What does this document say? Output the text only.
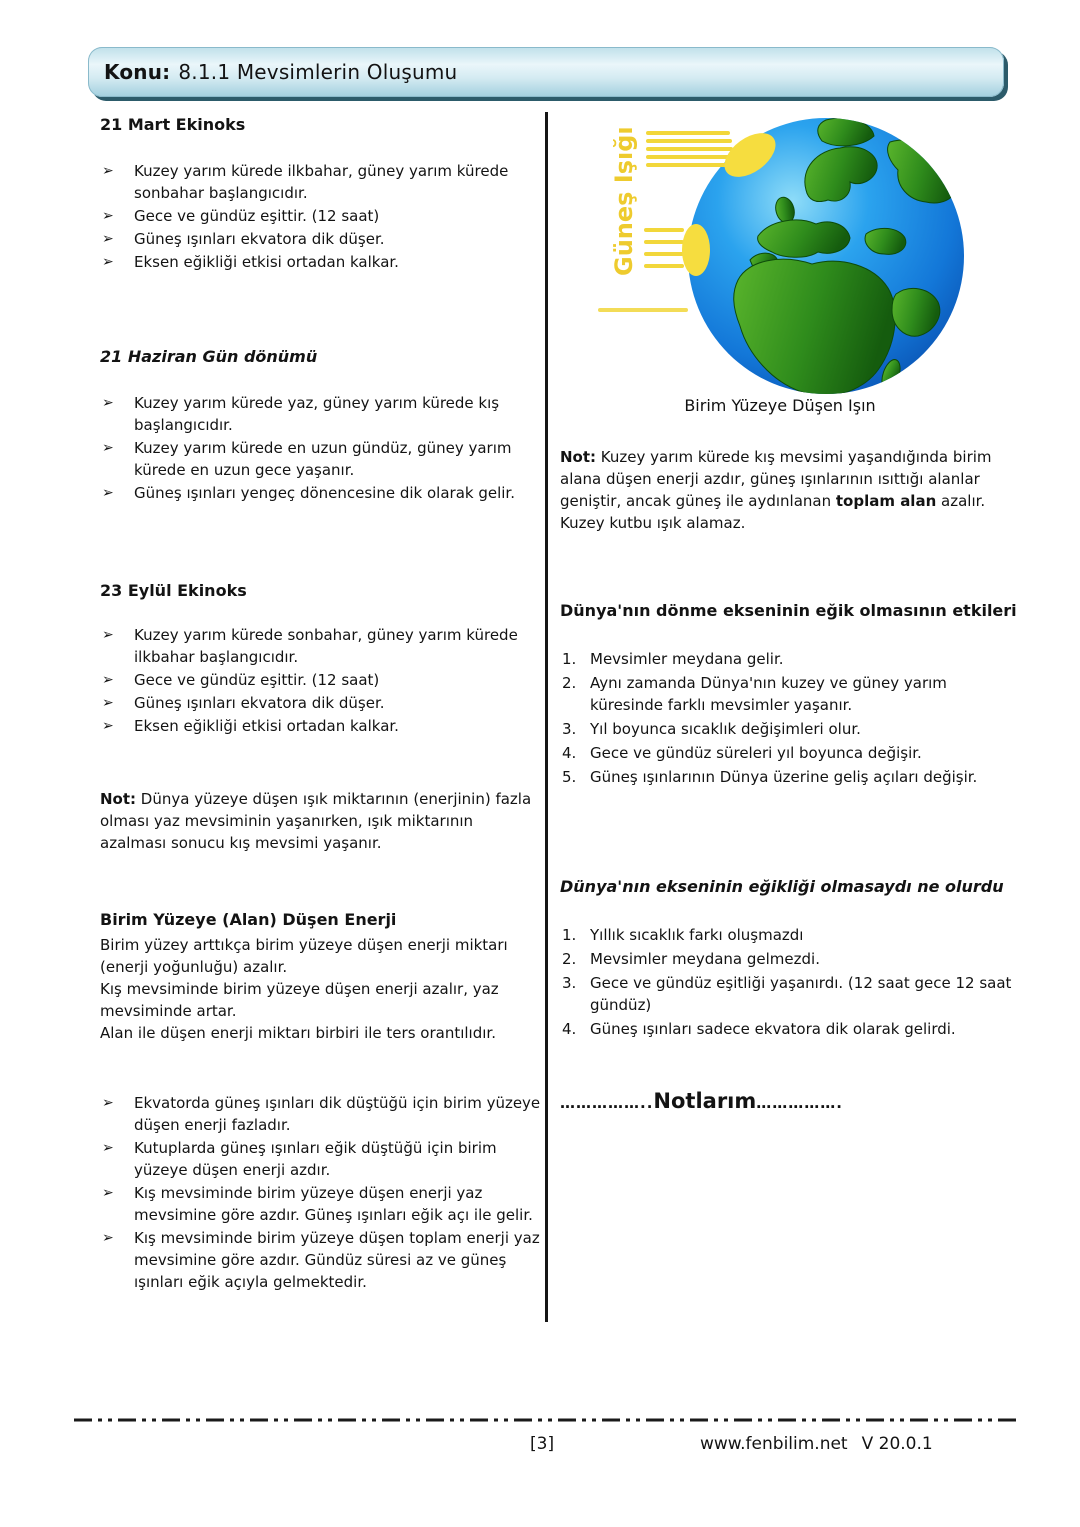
Konu: 8.1.1 Mevsimlerin Oluşumu
21 Mart Ekinoks
➢ Kuzey yarım kürede ilkbahar, güney yarım kürede sonbahar başlangıcıdır.
➢ Gece ve gündüz eşittir. (12 saat)
➢ Güneş ışınları ekvatora dik düşer.
➢ Eksen eğikliği etkisi ortadan kalkar.
21 Haziran Gün dönümü
➢ Kuzey yarım kürede yaz, güney yarım kürede kış başlangıcıdır.
➢ Kuzey yarım kürede en uzun gündüz, güney yarım kürede en uzun gece yaşanır.
➢ Güneş ışınları yengeç dönencesine dik olarak gelir.
23 Eylül Ekinoks
➢ Kuzey yarım kürede sonbahar, güney yarım kürede ilkbahar başlangıcıdır.
➢ Gece ve gündüz eşittir. (12 saat)
➢ Güneş ışınları ekvatora dik düşer.
➢ Eksen eğikliği etkisi ortadan kalkar.
Not: Dünya yüzeye düşen ışık miktarının (enerjinin) fazla olması yaz mevsiminin yaşanırken, ışık miktarının azalması sonucu kış mevsimi yaşanır.
Birim Yüzeye (Alan) Düşen Enerji
Birim yüzey arttıkça birim yüzeye düşen enerji miktarı (enerji yoğunluğu) azalır.
Kış mevsiminde birim yüzeye düşen enerji azalır, yaz mevsiminde artar.
Alan ile düşen enerji miktarı birbiri ile ters orantılıdır.
➢ Ekvatorda güneş ışınları dik düştüğü için birim yüzeye düşen enerji fazladır.
➢ Kutuplarda güneş ışınları eğik düştüğü için birim yüzeye düşen enerji azdır.
➢ Kış mevsiminde birim yüzeye düşen enerji yaz mevsimine göre azdır. Güneş ışınları eğik açı ile gelir.
➢ Kış mevsiminde birim yüzeye düşen toplam enerji yaz mevsimine göre azdır. Gündüz süresi az ve güneş ışınları eğik açıyla gelmektedir.
Güneş Işığı
Birim Yüzeye Düşen Işın
Not: Kuzey yarım kürede kış mevsimi yaşandığında birim alana düşen enerji azdır, güneş ışınlarının ısıttığı alanlar geniştir, ancak güneş ile aydınlanan toplam alan azalır. Kuzey kutbu ışık alamaz.
Dünya'nın dönme ekseninin eğik olmasının etkileri
1. Mevsimler meydana gelir.
2. Aynı zamanda Dünya'nın kuzey ve güney yarım küresinde farklı mevsimler yaşanır.
3. Yıl boyunca sıcaklık değişimleri olur.
4. Gece ve gündüz süreleri yıl boyunca değişir.
5. Güneş ışınlarının Dünya üzerine geliş açıları değişir.
Dünya'nın ekseninin eğikliği olmasaydı ne olurdu
1. Yıllık sıcaklık farkı oluşmazdı
2. Mevsimler meydana gelmezdi.
3. Gece ve gündüz eşitliği yaşanırdı. (12 saat gece 12 saat gündüz)
4. Güneş ışınları sadece ekvatora dik olarak gelirdi.
……………..Notlarım…………….
[3]	www.fenbilim.net V 20.0.1
